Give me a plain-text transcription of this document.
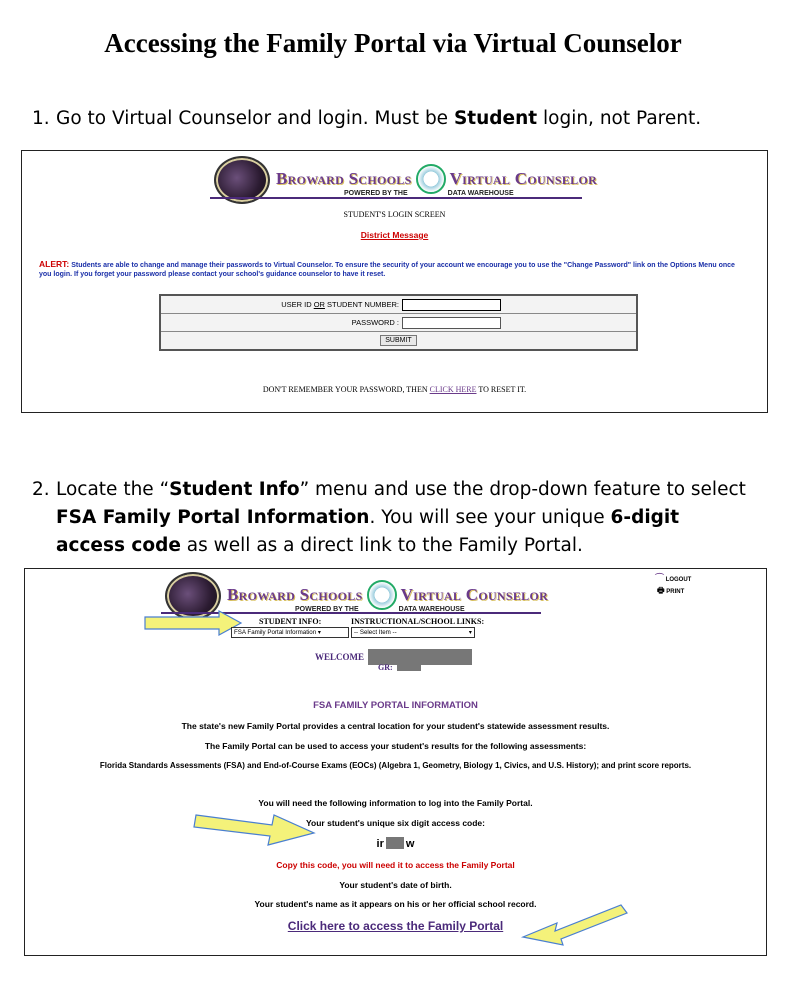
Accessing the Family Portal via Virtual Counselor
1. Go to Virtual Counselor and login. Must be Student login, not Parent.
Broward Schools Virtual Counselor
POWERED BY THE	DATA WAREHOUSE
STUDENT'S LOGIN SCREEN
District Message
ALERT: Students are able to change and manage their passwords to Virtual Counselor. To ensure the security of your account we encourage you to use the "Change Password" link on the Options Menu once you login. If you forget your password please contact your school's guidance counselor to have it reset.
USER ID OR STUDENT NUMBER:
PASSWORD :
SUBMIT
DON'T REMEMBER YOUR PASSWORD, THEN CLICK HERE TO RESET IT.
2. Locate the “Student Info” menu and use the drop-down feature to select FSA Family Portal Information. You will see your unique 6-digit access code as well as a direct link to the Family Portal.
Broward Schools Virtual Counselor
POWERED BY THE	DATA WAREHOUSE
⌒ LOGOUT
🖶 PRINT
STUDENT INFO:
FSA Family Portal Information ▾
INSTRUCTIONAL/SCHOOL LINKS:
-- Select Item --	▾
WELCOME
GR:
FSA FAMILY PORTAL INFORMATION
The state's new Family Portal provides a central location for your student's statewide assessment results.
The Family Portal can be used to access your student's results for the following assessments:
Florida Standards Assessments (FSA) and End-of-Course Exams (EOCs) (Algebra 1, Geometry, Biology 1, Civics, and U.S. History); and print score reports.
You will need the following information to log into the Family Portal.
Your student's unique six digit access code:
ir w
Copy this code, you will need it to access the Family Portal
Your student's date of birth.
Your student's name as it appears on his or her official school record.
Click here to access the Family Portal
